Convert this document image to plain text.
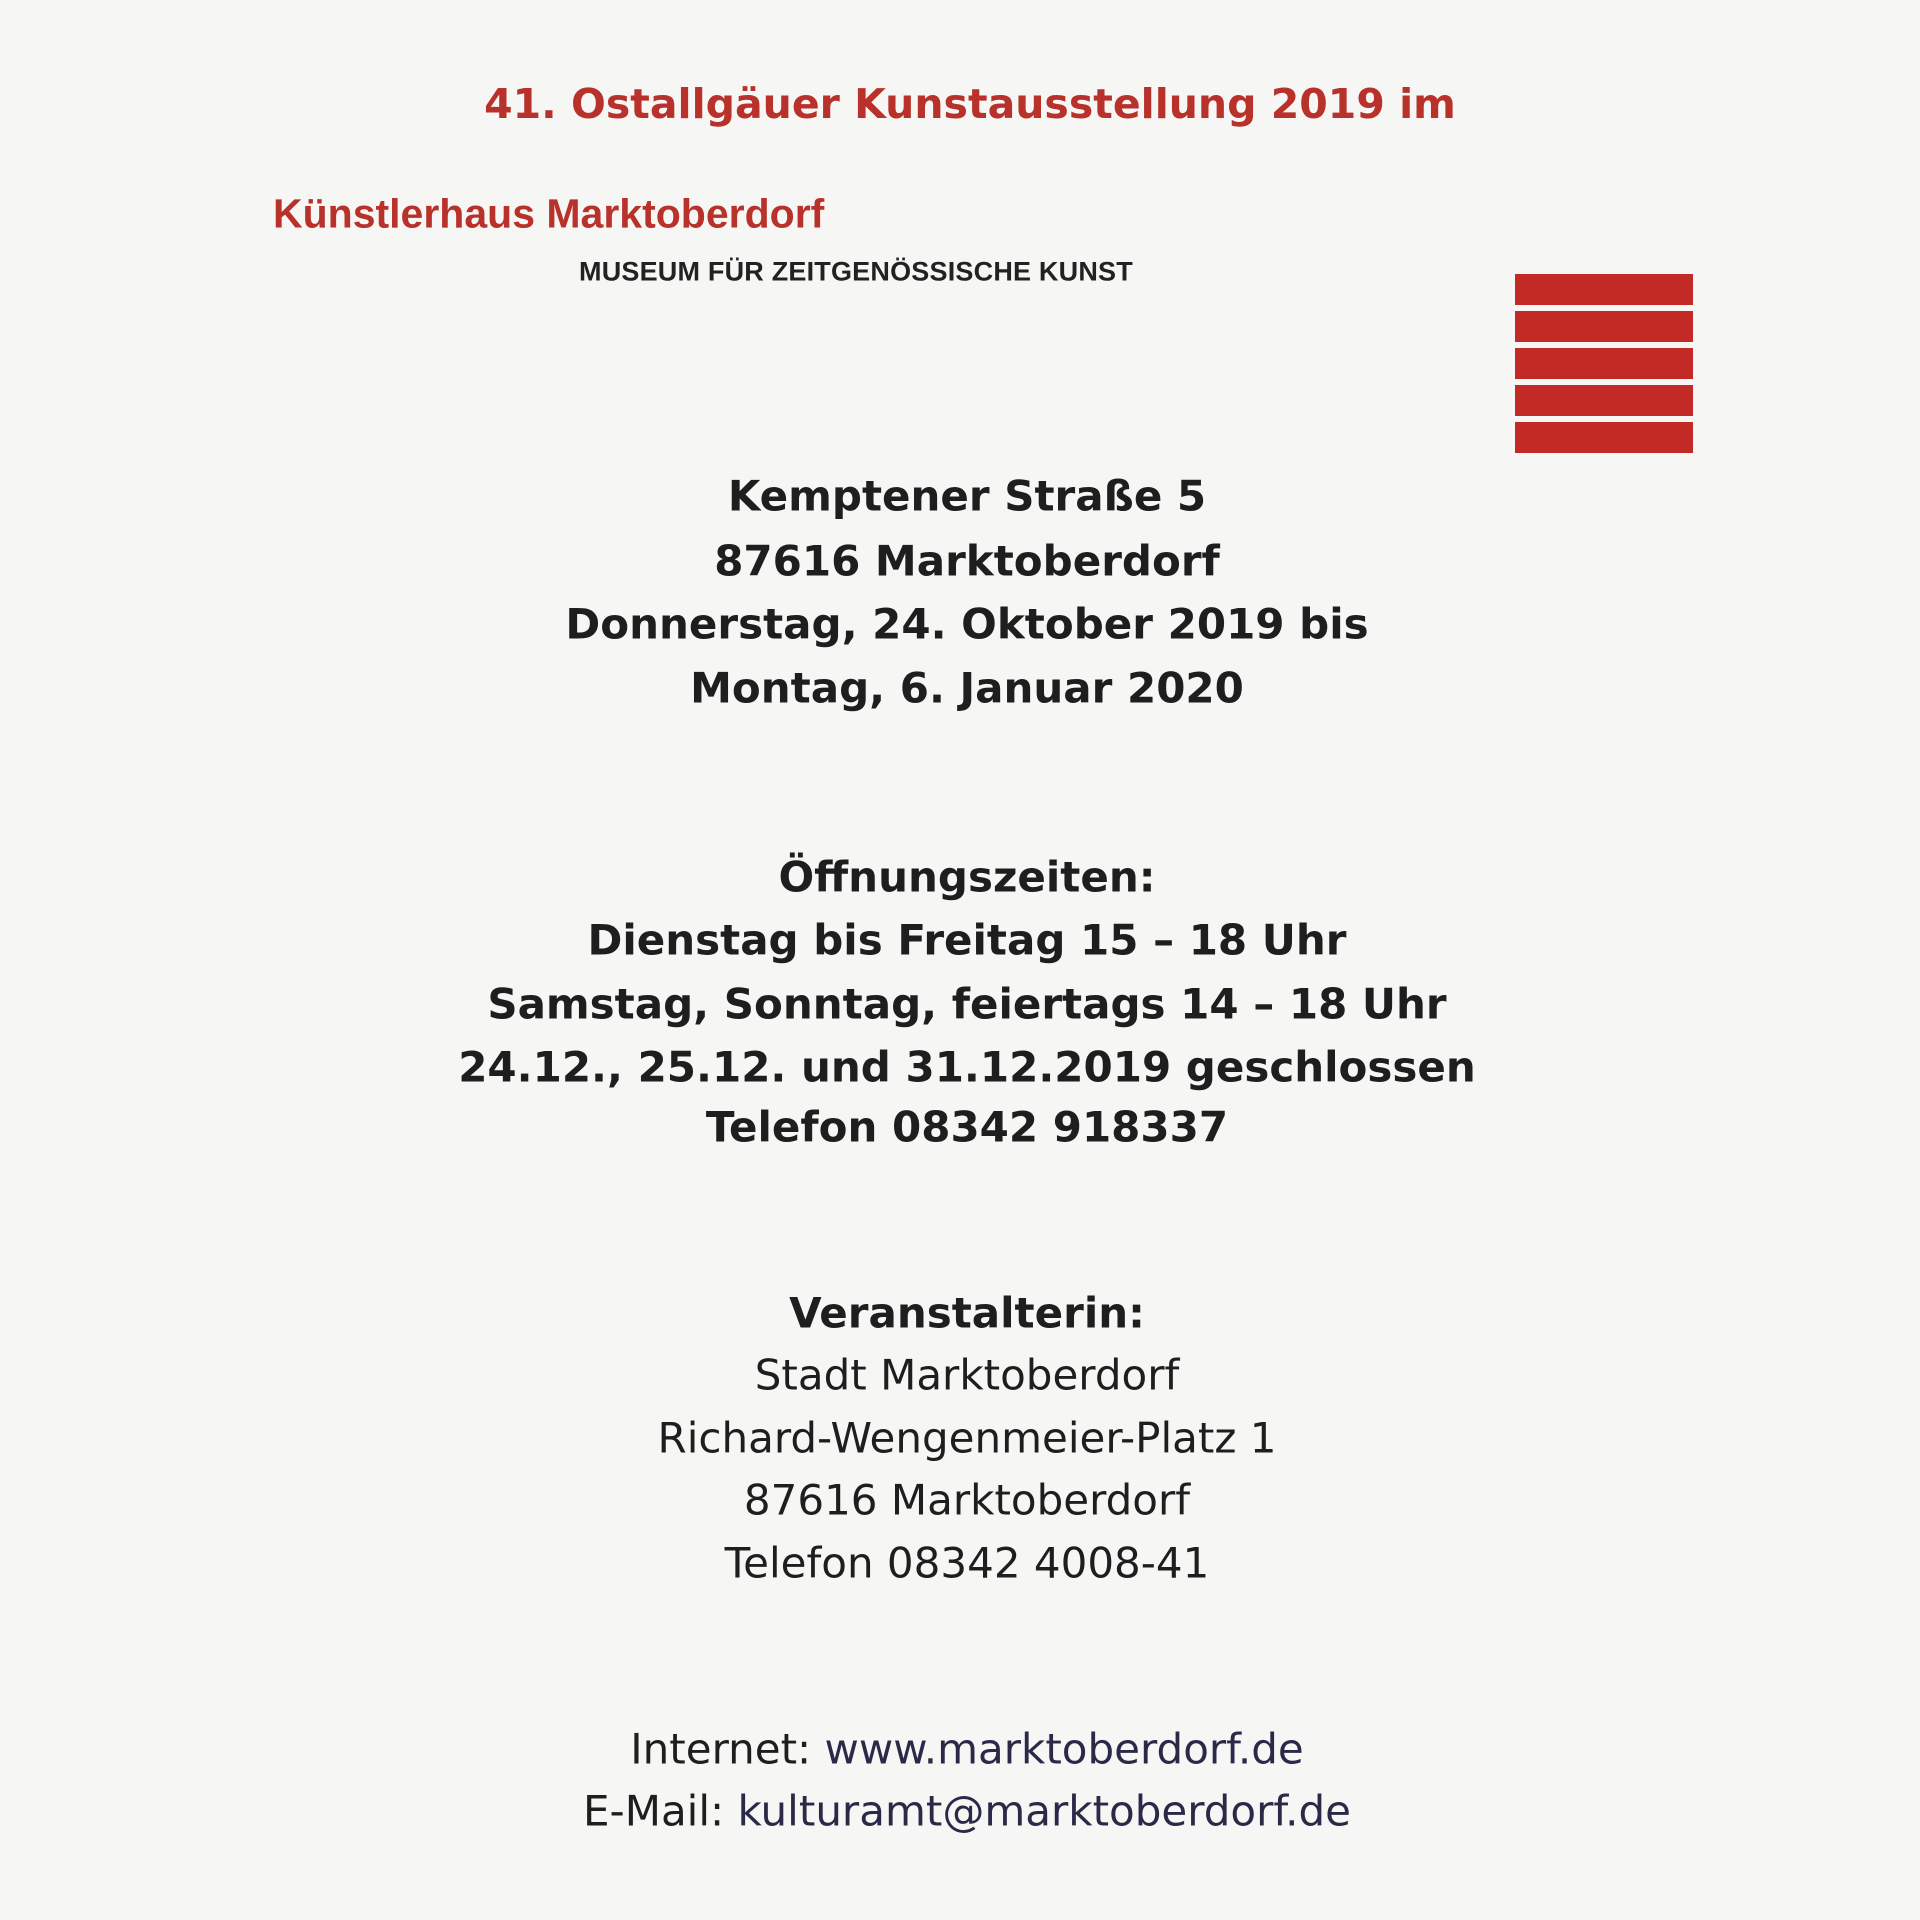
41. Ostallgäuer Kunstausstellung 2019 im
Künstlerhaus Marktoberdorf
MUSEUM FÜR ZEITGENÖSSISCHE KUNST
Kemptener Straße 5
87616 Marktoberdorf
Donnerstag, 24. Oktober 2019 bis
Montag, 6. Januar 2020
Öffnungszeiten:
Dienstag bis Freitag 15 – 18 Uhr
Samstag, Sonntag, feiertags 14 – 18 Uhr
24.12., 25.12. und 31.12.2019 geschlossen
Telefon 08342 918337
Veranstalterin:
Stadt Marktoberdorf
Richard-Wengenmeier-Platz 1
87616 Marktoberdorf
Telefon 08342 4008-41
Internet: www.marktoberdorf.de
E-Mail: kulturamt@marktoberdorf.de
